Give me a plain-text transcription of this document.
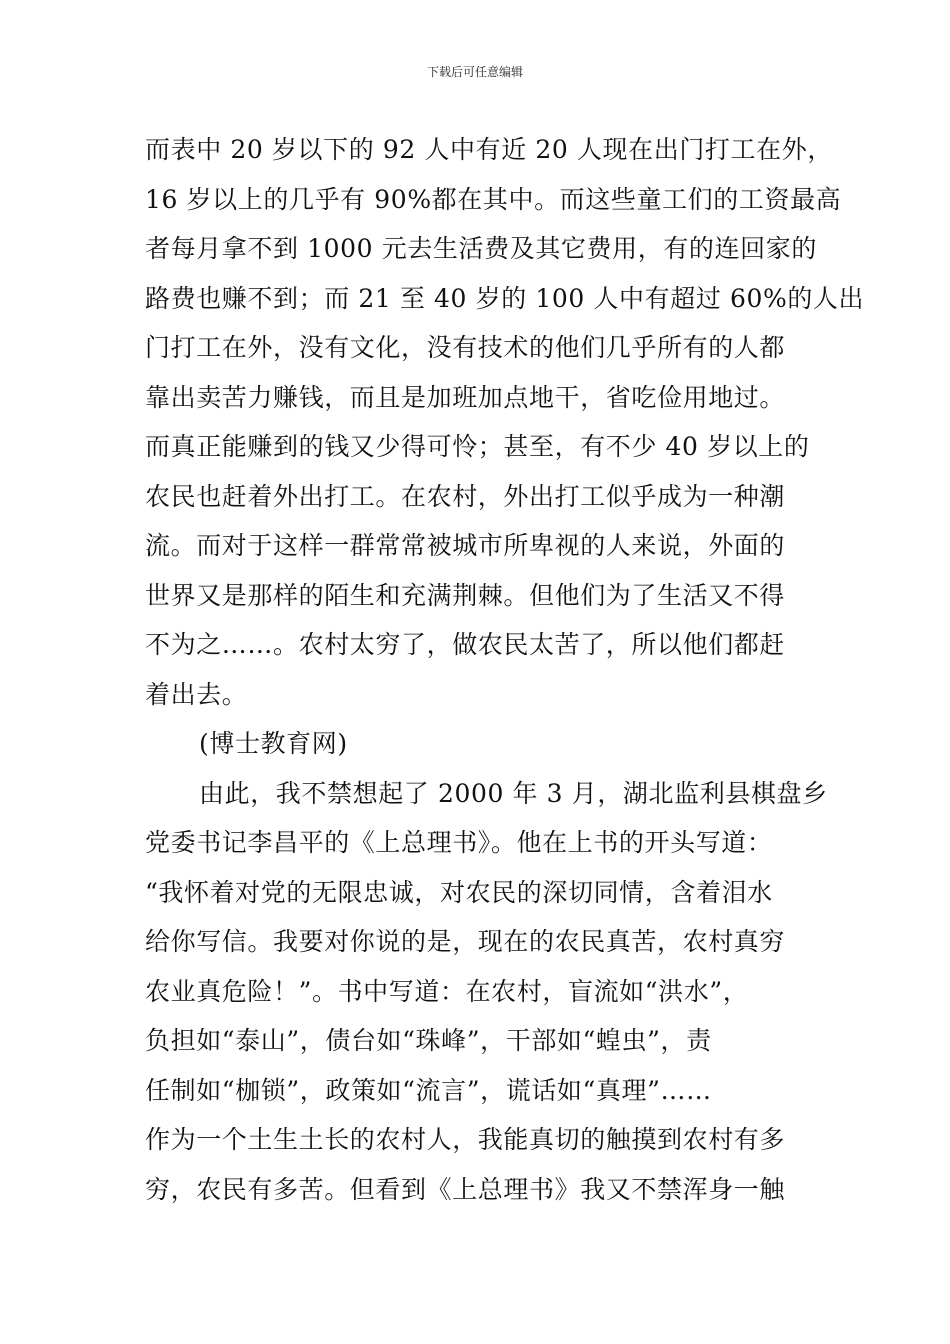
下载后可任意编辑
而表中 20 岁以下的 92 人中有近 20 人现在出门打工在外，
16 岁以上的几乎有 90%都在其中。而这些童工们的工资最高
者每月拿不到 1000 元去生活费及其它费用，有的连回家的
路费也赚不到；而 21 至 40 岁的 100 人中有超过 60%的人出
门打工在外，没有文化，没有技术的他们几乎所有的人都
靠出卖苦力赚钱，而且是加班加点地干，省吃俭用地过。
而真正能赚到的钱又少得可怜；甚至，有不少 40 岁以上的
农民也赶着外出打工。在农村，外出打工似乎成为一种潮
流。而对于这样一群常常被城市所卑视的人来说，外面的
世界又是那样的陌生和充满荆棘。但他们为了生活又不得
不为之……。农村太穷了，做农民太苦了，所以他们都赶
着出去。
(博士教育网)
由此，我不禁想起了 2000 年 3 月，湖北监利县棋盘乡
党委书记李昌平的《上总理书》。他在上书的开头写道：
“我怀着对党的无限忠诚，对农民的深切同情，含着泪水
给你写信。我要对你说的是，现在的农民真苦，农村真穷
农业真危险！”。书中写道：在农村，盲流如“洪水”，
负担如“泰山”，债台如“珠峰”，干部如“蝗虫”，责
任制如“枷锁”，政策如“流言”，谎话如“真理”……
作为一个土生土长的农村人，我能真切的触摸到农村有多
穷，农民有多苦。但看到《上总理书》我又不禁浑身一触
